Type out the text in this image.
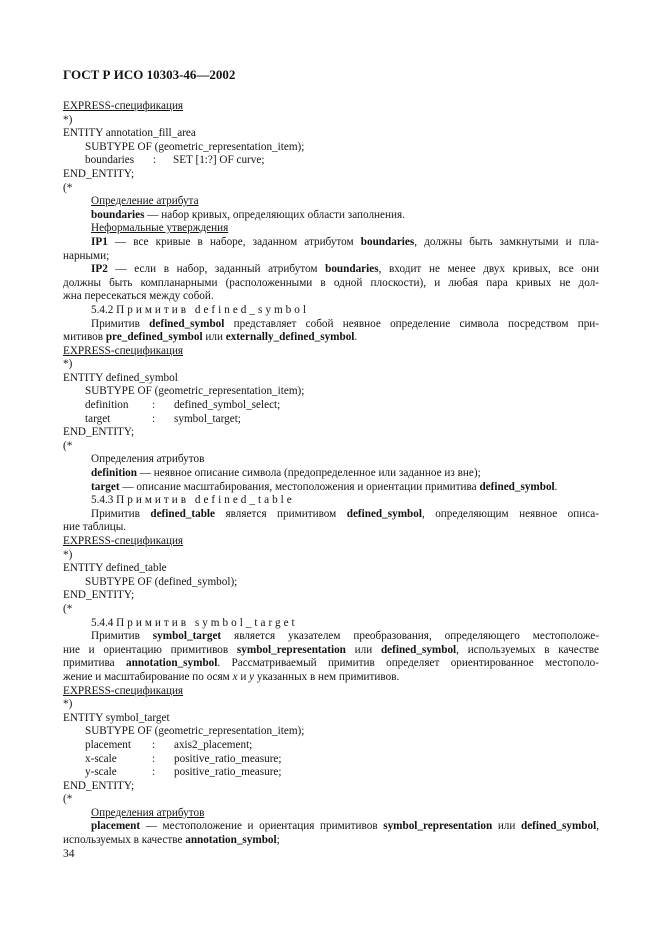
ГОСТ Р ИСО 10303-46—2002
EXPRESS-спецификация
*)
ENTITY annotation_fill_area
SUBTYPE OF (geometric_representation_item);
boundaries : SET [1:?] OF curve;
END_ENTITY;
(*
Определение атрибута
boundaries — набор кривых, определяющих области заполнения.
Неформальные утверждения
IP1 — все кривые в наборе, заданном атрибутом boundaries, должны быть замкнутыми и пла-
нарными;
IP2 — если в набор, заданный атрибутом boundaries, входит не менее двух кривых, все они
должны быть компланарными (расположенными в одной плоскости), и любая пара кривых не дол-
жна пересекаться между собой.
5.4.2 Примитив defined_symbol
Примитив defined_symbol представляет собой неявное определение символа посредством при-
митивов pre_defined_symbol или externally_defined_symbol.
EXPRESS-спецификация
*)
ENTITY defined_symbol
SUBTYPE OF (geometric_representation_item);
definition : defined_symbol_select;
target	: symbol_target;
END_ENTITY;
(*
Определения атрибутов
definition — неявное описание символа (предопределенное или заданное из вне);
target — описание масштабирования, местоположения и ориентации примитива defined_symbol.
5.4.3 Примитив defined_table
Примитив defined_table является примитивом defined_symbol, определяющим неявное описа-
ние таблицы.
EXPRESS-спецификация
*)
ENTITY defined_table
SUBTYPE OF (defined_symbol);
END_ENTITY;
(*
5.4.4 Примитив symbol_target
Примитив symbol_target является указателем преобразования, определяющего местоположе-
ние и ориентацию примитивов symbol_representation или defined_symbol, используемых в качестве
примитива annotation_symbol. Рассматриваемый примитив определяет ориентированное местополо-
жение и масштабирование по осям x и y указанных в нем примитивов.
EXPRESS-спецификация
*)
ENTITY symbol_target
SUBTYPE OF (geometric_representation_item);
placement : axis2_placement;
x-scale	: positive_ratio_measure;
y-scale	: positive_ratio_measure;
END_ENTITY;
(*
Определения атрибутов
placement — местоположение и ориентация примитивов symbol_representation или defined_symbol,
используемых в качестве annotation_symbol;
34
